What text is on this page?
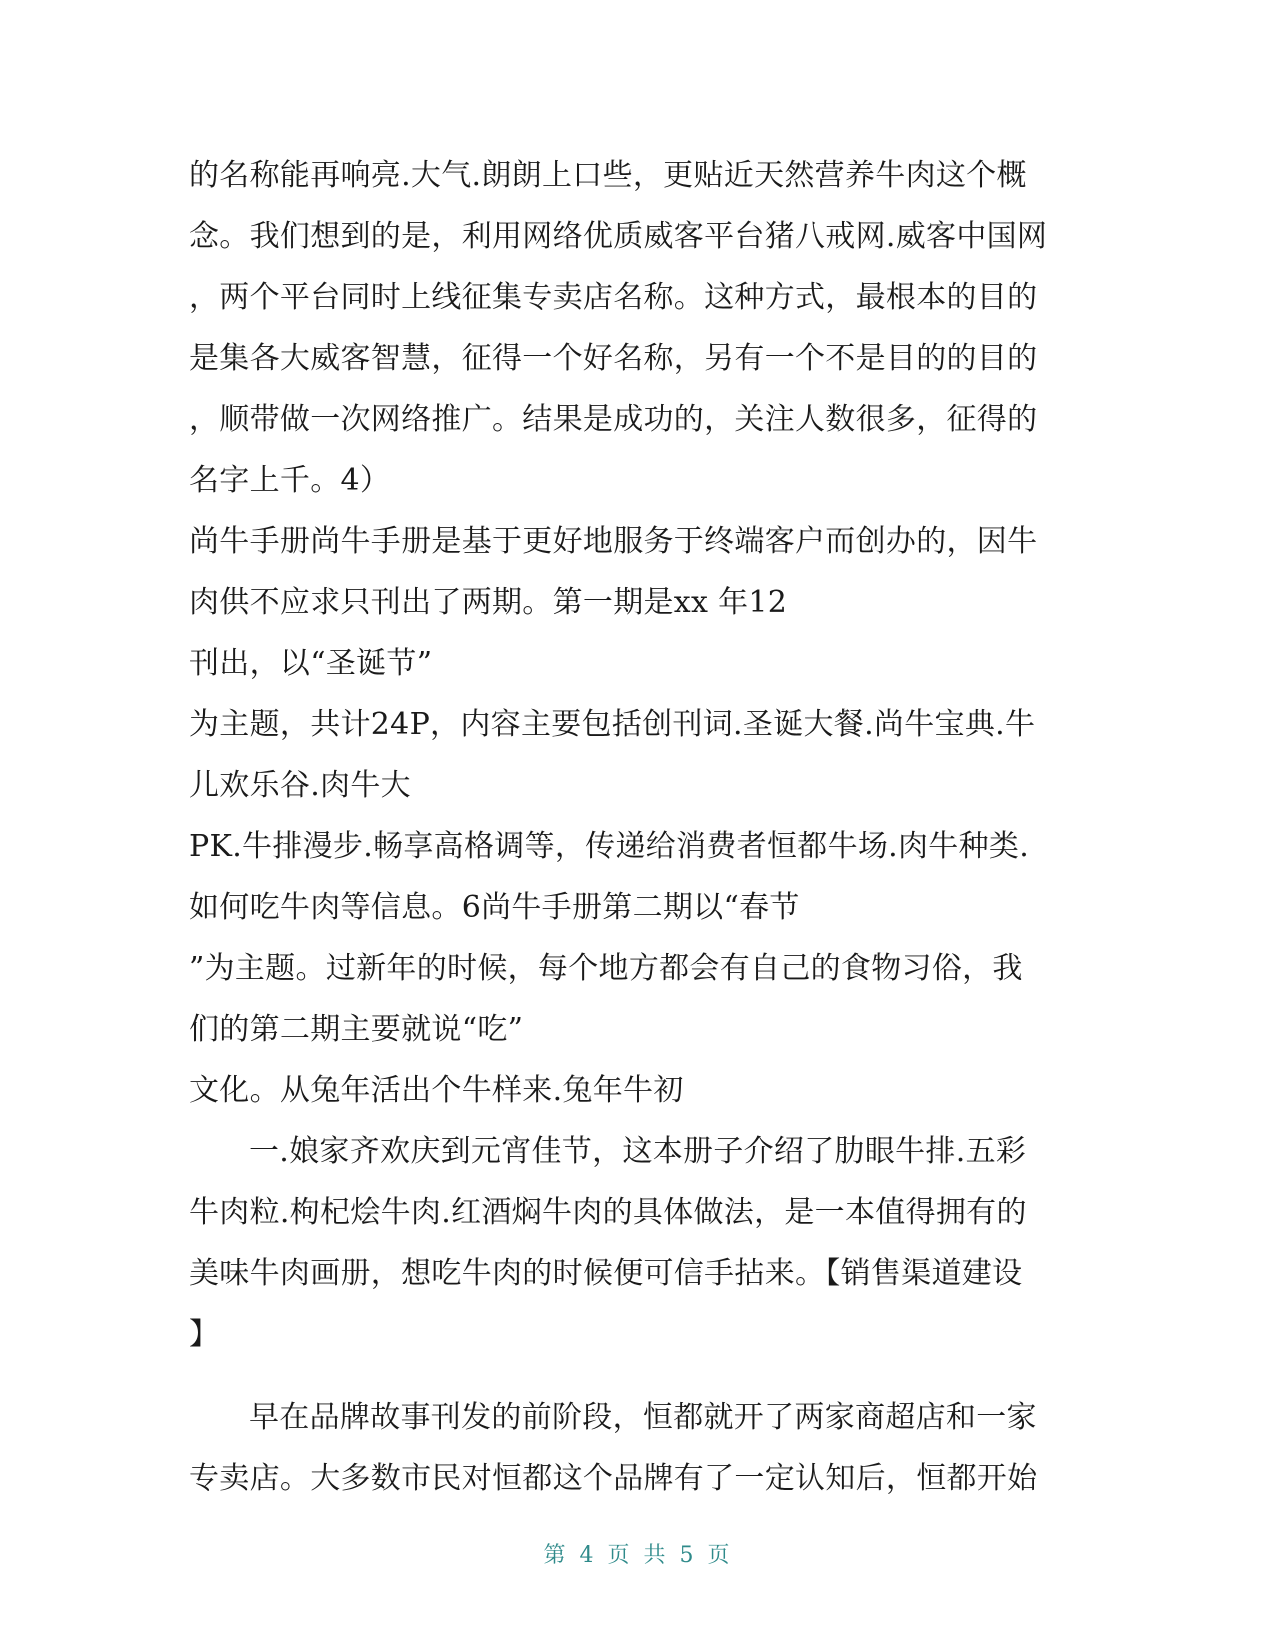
的名称能再响亮.大气.朗朗上口些，更贴近天然营养牛肉这个概
念。我们想到的是，利用网络优质威客平台猪八戒网.威客中国网
，两个平台同时上线征集专卖店名称。这种方式，最根本的目的
是集各大威客智慧，征得一个好名称，另有一个不是目的的目的
，顺带做一次网络推广。结果是成功的，关注人数很多，征得的
名字上千。4）
尚牛手册尚牛手册是基于更好地服务于终端客户而创办的，因牛
肉供不应求只刊出了两期。第一期是xx 年12
刊出，以“圣诞节”
为主题，共计24P，内容主要包括创刊词.圣诞大餐.尚牛宝典.牛
儿欢乐谷.肉牛大
PK.牛排漫步.畅享高格调等，传递给消费者恒都牛场.肉牛种类.
如何吃牛肉等信息。6尚牛手册第二期以“春节
”为主题。过新年的时候，每个地方都会有自己的食物习俗，我
们的第二期主要就说“吃”
文化。从兔年活出个牛样来.兔年牛初
一.娘家齐欢庆到元宵佳节，这本册子介绍了肋眼牛排.五彩
牛肉粒.枸杞烩牛肉.红酒焖牛肉的具体做法，是一本值得拥有的
美味牛肉画册，想吃牛肉的时候便可信手拈来。【销售渠道建设
】
早在品牌故事刊发的前阶段，恒都就开了两家商超店和一家
专卖店。大多数市民对恒都这个品牌有了一定认知后，恒都开始
第 4 页 共 5 页
